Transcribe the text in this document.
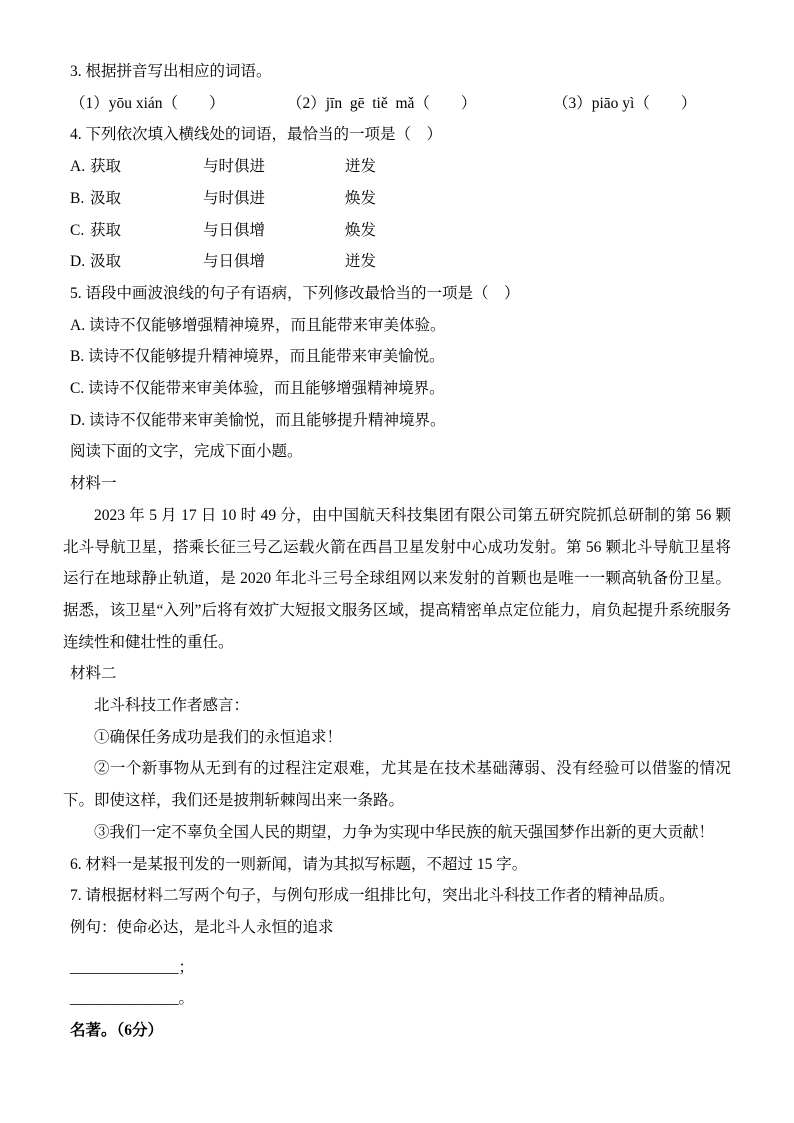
3. 根据拼音写出相应的词语。
（1）yōu xián（　　）	（2）jīn  gē  tiě  mǎ（　　）	（3）piāo yì（　　）
4. 下列依次填入横线处的词语，最恰当的一项是（　）
A. 获取	与时俱进	迸发
B. 汲取	与时俱进	焕发
C. 获取	与日俱增	焕发
D. 汲取	与日俱增	迸发
5. 语段中画波浪线的句子有语病，下列修改最恰当的一项是（　）
A. 读诗不仅能够增强精神境界，而且能带来审美体验。
B. 读诗不仅能够提升精神境界，而且能带来审美愉悦。
C. 读诗不仅能带来审美体验，而且能够增强精神境界。
D. 读诗不仅能带来审美愉悦，而且能够提升精神境界。
阅读下面的文字，完成下面小题。
材料一
2023 年 5 月 17 日 10 时 49 分，由中国航天科技集团有限公司第五研究院抓总研制的第 56 颗北斗导航卫星，搭乘长征三号乙运载火箭在西昌卫星发射中心成功发射。第 56 颗北斗导航卫星将运行在地球静止轨道，是 2020 年北斗三号全球组网以来发射的首颗也是唯一一颗高轨备份卫星。据悉，该卫星“入列”后将有效扩大短报文服务区域，提高精密单点定位能力，肩负起提升系统服务连续性和健壮性的重任。
材料二
北斗科技工作者感言：
①确保任务成功是我们的永恒追求！
②一个新事物从无到有的过程注定艰难，尤其是在技术基础薄弱、没有经验可以借鉴的情况下。即使这样，我们还是披荆斩棘闯出来一条路。
③我们一定不辜负全国人民的期望，力争为实现中华民族的航天强国梦作出新的更大贡献！
6. 材料一是某报刊发的一则新闻，请为其拟写标题，不超过 15 字。
7. 请根据材料二写两个句子，与例句形成一组排比句，突出北斗科技工作者的精神品质。
例句：使命必达，是北斗人永恒的追求
______________；
______________。
名著。（6分）
